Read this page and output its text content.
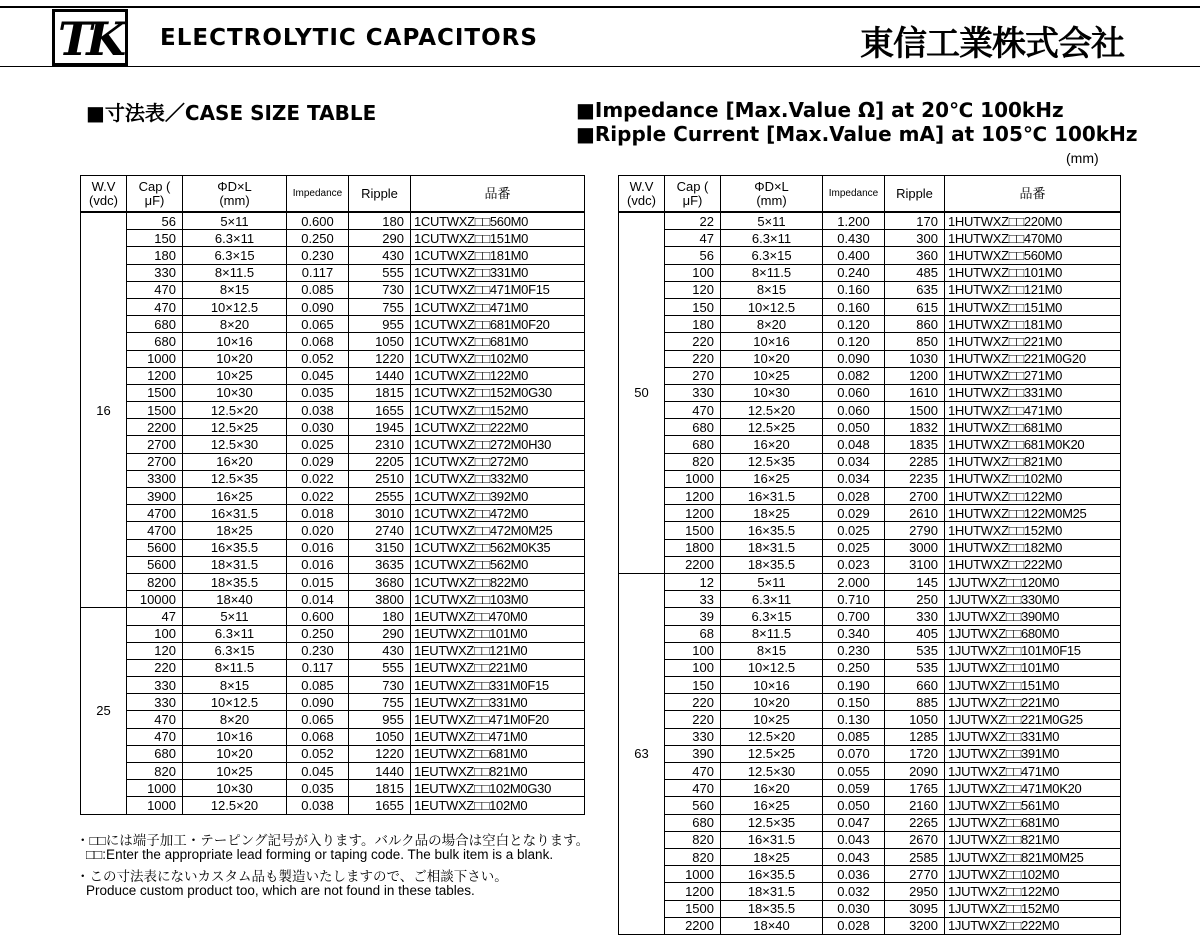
TK ELECTROLYTIC CAPACITORS	東信工業株式会社
■寸法表／CASE SIZE TABLE	■Impedance [Max.Value Ω] at 20℃ 100kHz
■Ripple Current [Max.Value mA] at 105℃ 100kHz
(mm)
W.V
(vdc)	Cap (
μF)	ΦD×L
(mm)	Impedance	Ripple	品番
16	56	5×11	0.600	180	1CUTWXZ□□560M0
	150	6.3×11	0.250	290	1CUTWXZ□□151M0
	180	6.3×15	0.230	430	1CUTWXZ□□181M0
	330	8×11.5	0.117	555	1CUTWXZ□□331M0
	470	8×15	0.085	730	1CUTWXZ□□471M0F15
	470	10×12.5	0.090	755	1CUTWXZ□□471M0
	680	8×20	0.065	955	1CUTWXZ□□681M0F20
	680	10×16	0.068	1050	1CUTWXZ□□681M0
	1000	10×20	0.052	1220	1CUTWXZ□□102M0
	1200	10×25	0.045	1440	1CUTWXZ□□122M0
	1500	10×30	0.035	1815	1CUTWXZ□□152M0G30
	1500	12.5×20	0.038	1655	1CUTWXZ□□152M0
	2200	12.5×25	0.030	1945	1CUTWXZ□□222M0
	2700	12.5×30	0.025	2310	1CUTWXZ□□272M0H30
	2700	16×20	0.029	2205	1CUTWXZ□□272M0
	3300	12.5×35	0.022	2510	1CUTWXZ□□332M0
	3900	16×25	0.022	2555	1CUTWXZ□□392M0
	4700	16×31.5	0.018	3010	1CUTWXZ□□472M0
	4700	18×25	0.020	2740	1CUTWXZ□□472M0M25
	5600	16×35.5	0.016	3150	1CUTWXZ□□562M0K35
	5600	18×31.5	0.016	3635	1CUTWXZ□□562M0
	8200	18×35.5	0.015	3680	1CUTWXZ□□822M0
	10000	18×40	0.014	3800	1CUTWXZ□□103M0
25	47	5×11	0.600	180	1EUTWXZ□□470M0
	100	6.3×11	0.250	290	1EUTWXZ□□101M0
	120	6.3×15	0.230	430	1EUTWXZ□□121M0
	220	8×11.5	0.117	555	1EUTWXZ□□221M0
	330	8×15	0.085	730	1EUTWXZ□□331M0F15
	330	10×12.5	0.090	755	1EUTWXZ□□331M0
	470	8×20	0.065	955	1EUTWXZ□□471M0F20
	470	10×16	0.068	1050	1EUTWXZ□□471M0
	680	10×20	0.052	1220	1EUTWXZ□□681M0
	820	10×25	0.045	1440	1EUTWXZ□□821M0
	1000	10×30	0.035	1815	1EUTWXZ□□102M0G30
	1000	12.5×20	0.038	1655	1EUTWXZ□□102M0
W.V
(vdc)	Cap (
μF)	ΦD×L
(mm)	Impedance	Ripple	品番
50	22	5×11	1.200	170	1HUTWXZ□□220M0
	47	6.3×11	0.430	300	1HUTWXZ□□470M0
	56	6.3×15	0.400	360	1HUTWXZ□□560M0
	100	8×11.5	0.240	485	1HUTWXZ□□101M0
	120	8×15	0.160	635	1HUTWXZ□□121M0
	150	10×12.5	0.160	615	1HUTWXZ□□151M0
	180	8×20	0.120	860	1HUTWXZ□□181M0
	220	10×16	0.120	850	1HUTWXZ□□221M0
	220	10×20	0.090	1030	1HUTWXZ□□221M0G20
	270	10×25	0.082	1200	1HUTWXZ□□271M0
	330	10×30	0.060	1610	1HUTWXZ□□331M0
	470	12.5×20	0.060	1500	1HUTWXZ□□471M0
	680	12.5×25	0.050	1832	1HUTWXZ□□681M0
	680	16×20	0.048	1835	1HUTWXZ□□681M0K20
	820	12.5×35	0.034	2285	1HUTWXZ□□821M0
	1000	16×25	0.034	2235	1HUTWXZ□□102M0
	1200	16×31.5	0.028	2700	1HUTWXZ□□122M0
	1200	18×25	0.029	2610	1HUTWXZ□□122M0M25
	1500	16×35.5	0.025	2790	1HUTWXZ□□152M0
	1800	18×31.5	0.025	3000	1HUTWXZ□□182M0
	2200	18×35.5	0.023	3100	1HUTWXZ□□222M0
63	12	5×11	2.000	145	1JUTWXZ□□120M0
	33	6.3×11	0.710	250	1JUTWXZ□□330M0
	39	6.3×15	0.700	330	1JUTWXZ□□390M0
	68	8×11.5	0.340	405	1JUTWXZ□□680M0
	100	8×15	0.230	535	1JUTWXZ□□101M0F15
	100	10×12.5	0.250	535	1JUTWXZ□□101M0
	150	10×16	0.190	660	1JUTWXZ□□151M0
	220	10×20	0.150	885	1JUTWXZ□□221M0
	220	10×25	0.130	1050	1JUTWXZ□□221M0G25
	330	12.5×20	0.085	1285	1JUTWXZ□□331M0
	390	12.5×25	0.070	1720	1JUTWXZ□□391M0
	470	12.5×30	0.055	2090	1JUTWXZ□□471M0
	470	16×20	0.059	1765	1JUTWXZ□□471M0K20
	560	16×25	0.050	2160	1JUTWXZ□□561M0
	680	12.5×35	0.047	2265	1JUTWXZ□□681M0
	820	16×31.5	0.043	2670	1JUTWXZ□□821M0
	820	18×25	0.043	2585	1JUTWXZ□□821M0M25
	1000	16×35.5	0.036	2770	1JUTWXZ□□102M0
	1200	18×31.5	0.032	2950	1JUTWXZ□□122M0
	1500	18×35.5	0.030	3095	1JUTWXZ□□152M0
	2200	18×40	0.028	3200	1JUTWXZ□□222M0
・□□には端子加工・テーピング記号が入ります。バルク品の場合は空白となります。
□□:Enter the appropriate lead forming or taping code. The bulk item is a blank.
・この寸法表にないカスタム品も製造いたしますので、ご相談下さい。
Produce custom product too, which are not found in these tables.
